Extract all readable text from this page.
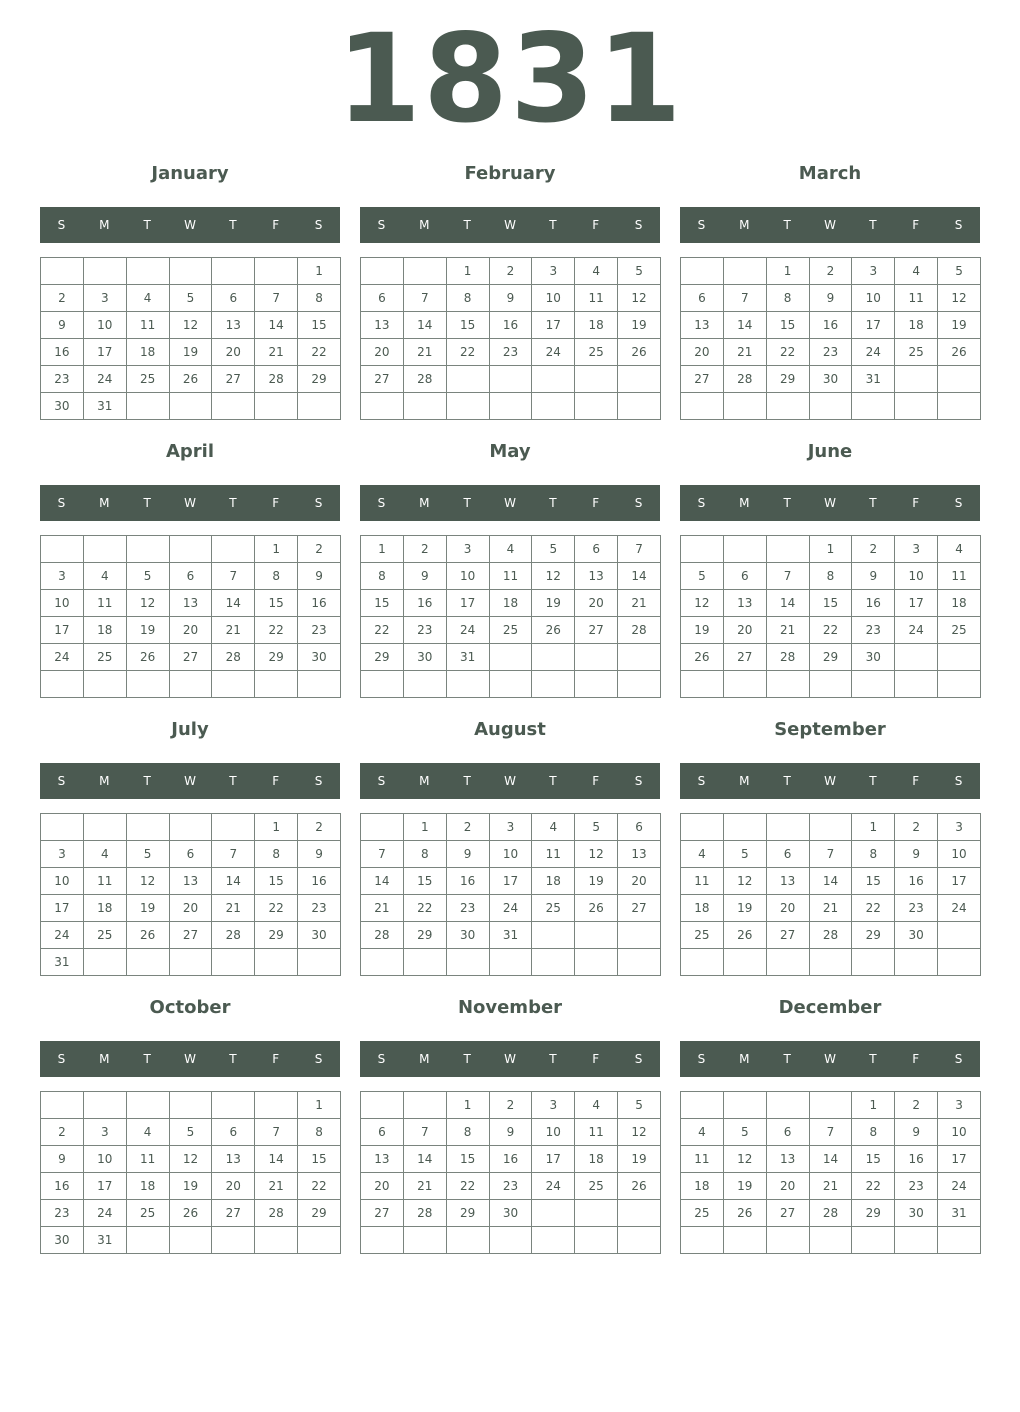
1831
January
S	M	T	W	T	F	S
						1
2	3	4	5	6	7	8
9	10	11	12	13	14	15
16	17	18	19	20	21	22
23	24	25	26	27	28	29
30	31					
February
S	M	T	W	T	F	S
		1	2	3	4	5
6	7	8	9	10	11	12
13	14	15	16	17	18	19
20	21	22	23	24	25	26
27	28					

March
S	M	T	W	T	F	S
		1	2	3	4	5
6	7	8	9	10	11	12
13	14	15	16	17	18	19
20	21	22	23	24	25	26
27	28	29	30	31		

April
S	M	T	W	T	F	S
					1	2
3	4	5	6	7	8	9
10	11	12	13	14	15	16
17	18	19	20	21	22	23
24	25	26	27	28	29	30

May
S	M	T	W	T	F	S
1	2	3	4	5	6	7
8	9	10	11	12	13	14
15	16	17	18	19	20	21
22	23	24	25	26	27	28
29	30	31				

June
S	M	T	W	T	F	S
			1	2	3	4
5	6	7	8	9	10	11
12	13	14	15	16	17	18
19	20	21	22	23	24	25
26	27	28	29	30		

July
S	M	T	W	T	F	S
					1	2
3	4	5	6	7	8	9
10	11	12	13	14	15	16
17	18	19	20	21	22	23
24	25	26	27	28	29	30
31						
August
S	M	T	W	T	F	S
	1	2	3	4	5	6
7	8	9	10	11	12	13
14	15	16	17	18	19	20
21	22	23	24	25	26	27
28	29	30	31			

September
S	M	T	W	T	F	S
				1	2	3
4	5	6	7	8	9	10
11	12	13	14	15	16	17
18	19	20	21	22	23	24
25	26	27	28	29	30	

October
S	M	T	W	T	F	S
						1
2	3	4	5	6	7	8
9	10	11	12	13	14	15
16	17	18	19	20	21	22
23	24	25	26	27	28	29
30	31					
November
S	M	T	W	T	F	S
		1	2	3	4	5
6	7	8	9	10	11	12
13	14	15	16	17	18	19
20	21	22	23	24	25	26
27	28	29	30			

December
S	M	T	W	T	F	S
				1	2	3
4	5	6	7	8	9	10
11	12	13	14	15	16	17
18	19	20	21	22	23	24
25	26	27	28	29	30	31
